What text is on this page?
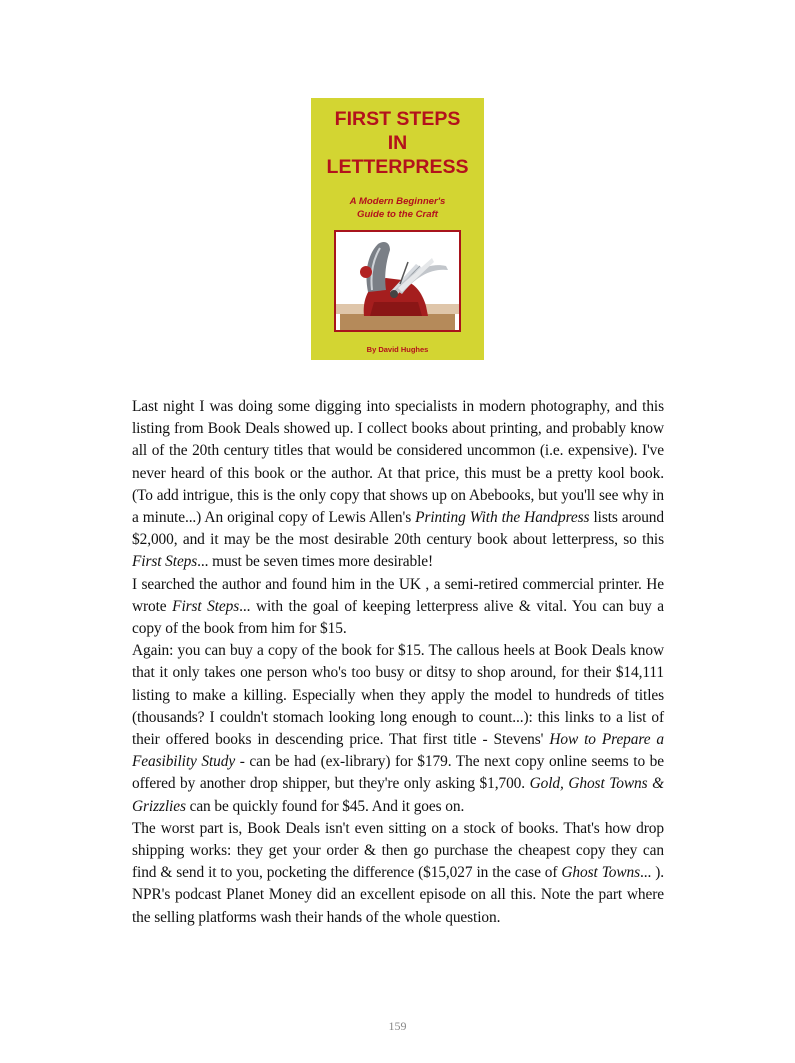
FIRST STEPS
IN
LETTERPRESS
A Modern Beginner's
Guide to the Craft
By David Hughes

Last night I was doing some digging into specialists in modern photography, and this listing from Book Deals showed up. I collect books about printing, and probably know all of the 20th century titles that would be considered uncommon (i.e. expensive). I've never heard of this book or the author. At that price, this must be a pretty kool book. (To add intrigue, this is the only copy that shows up on Abebooks, but you'll see why in a minute...) An original copy of Lewis Allen's Printing With the Handpress lists around $2,000, and it may be the most desirable 20th century book about letterpress, so this First Steps... must be seven times more desirable!

I searched the author and found him in the UK , a semi-retired commercial printer. He wrote First Steps... with the goal of keeping letterpress alive & vital. You can buy a copy of the book from him for $15.

Again: you can buy a copy of the book for $15. The callous heels at Book Deals know that it only takes one person who's too busy or ditsy to shop around, for their $14,111 listing to make a killing. Especially when they apply the model to hundreds of titles (thousands? I couldn't stomach looking long enough to count...): this links to a list of their offered books in descending price. That first title - Stevens' How to Prepare a Feasibility Study - can be had (ex-library) for $179. The next copy online seems to be offered by another drop shipper, but they're only asking $1,700. Gold, Ghost Towns & Grizzlies can be quickly found for $45. And it goes on.

The worst part is, Book Deals isn't even sitting on a stock of books. That's how drop shipping works: they get your order & then go purchase the cheapest copy they can find & send it to you, pocketing the difference ($15,027 in the case of Ghost Towns... ). NPR's podcast Planet Money did an excellent episode on all this. Note the part where the selling platforms wash their hands of the whole question.

159
